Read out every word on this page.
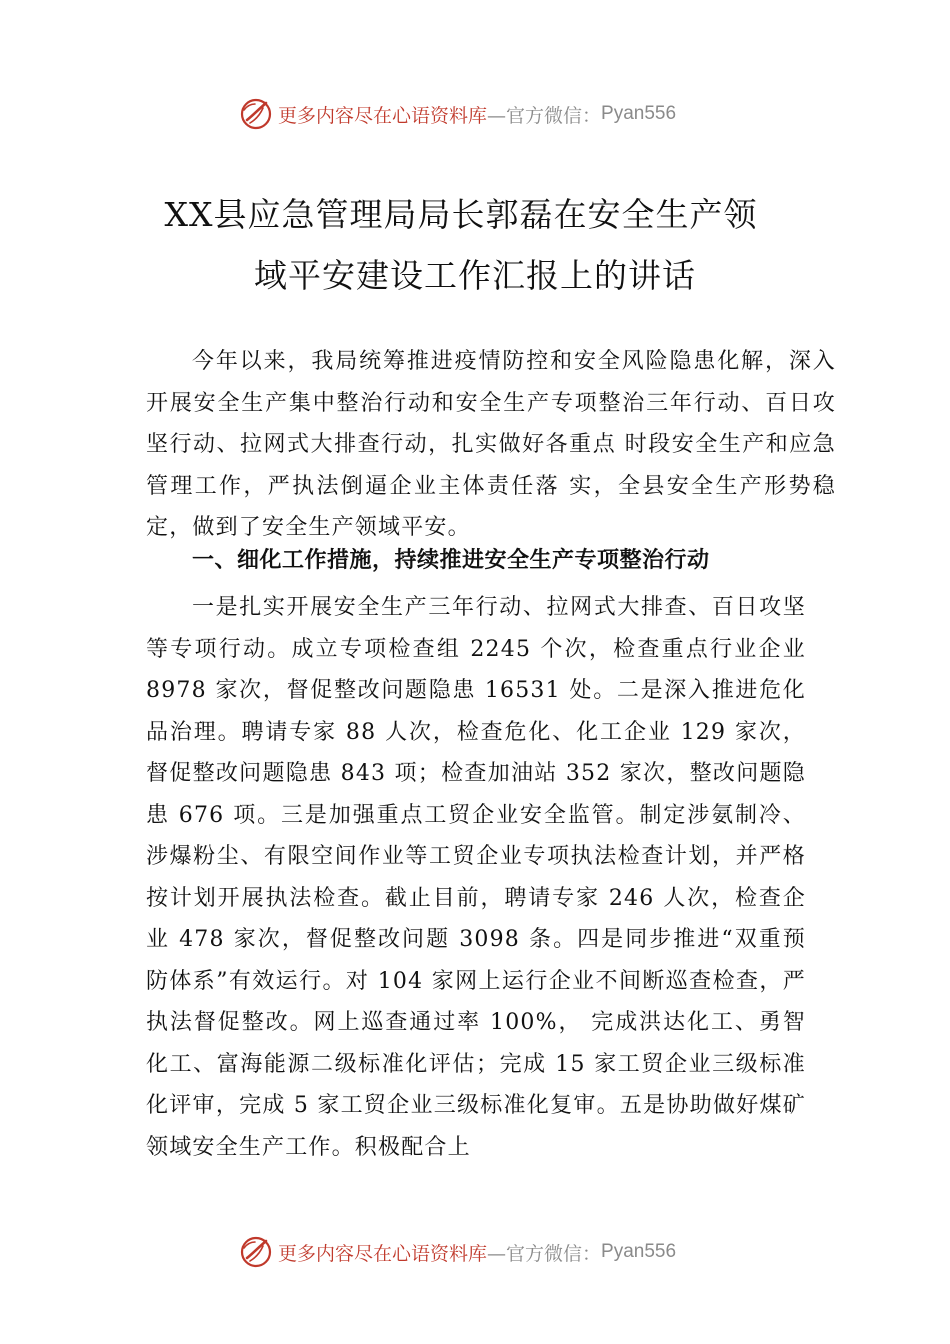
更多内容尽在心语资料库 —官方微信： Pyan556
XX县应急管理局局长郭磊在安全生产领
域平安建设工作汇报上的讲话

今年以来，我局统筹推进疫情防控和安全风险隐患化解，深入开展安全生产集中整治行动和安全生产专项整治三年行动、百日攻坚行动、拉网式大排查行动，扎实做好各重点 时段安全生产和应急管理工作，严执法倒逼企业主体责任落 实，全县安全生产形势稳定，做到了安全生产领域平安。

一、细化工作措施，持续推进安全生产专项整治行动

一是扎实开展安全生产三年行动、拉网式大排查、百日攻坚等专项行动。成立专项检查组 2245 个次，检查重点行业企业 8978 家次，督促整改问题隐患 16531 处。二是深入推进危化品治理。聘请专家 88 人次，检查危化、化工企业 129 家次，督促整改问题隐患 843 项；检查加油站 352 家次，整改问题隐患 676 项。三是加强重点工贸企业安全监管。制定涉氨制冷、涉爆粉尘、有限空间作业等工贸企业专项执法检查计划，并严格按计划开展执法检查。截止目前，聘请专家 246 人次，检查企业 478 家次，督促整改问题 3098 条。四是同步推进“双重预防体系”有效运行。对 104 家网上运行企业不间断巡查检查，严执法督促整改。网上巡查通过率 100%， 完成洪达化工、勇智化工、富海能源二级标准化评估；完成 15 家工贸企业三级标准化评审，完成 5 家工贸企业三级标准化复审。五是协助做好煤矿领域安全生产工作。积极配合上

更多内容尽在心语资料库 —官方微信： Pyan556
